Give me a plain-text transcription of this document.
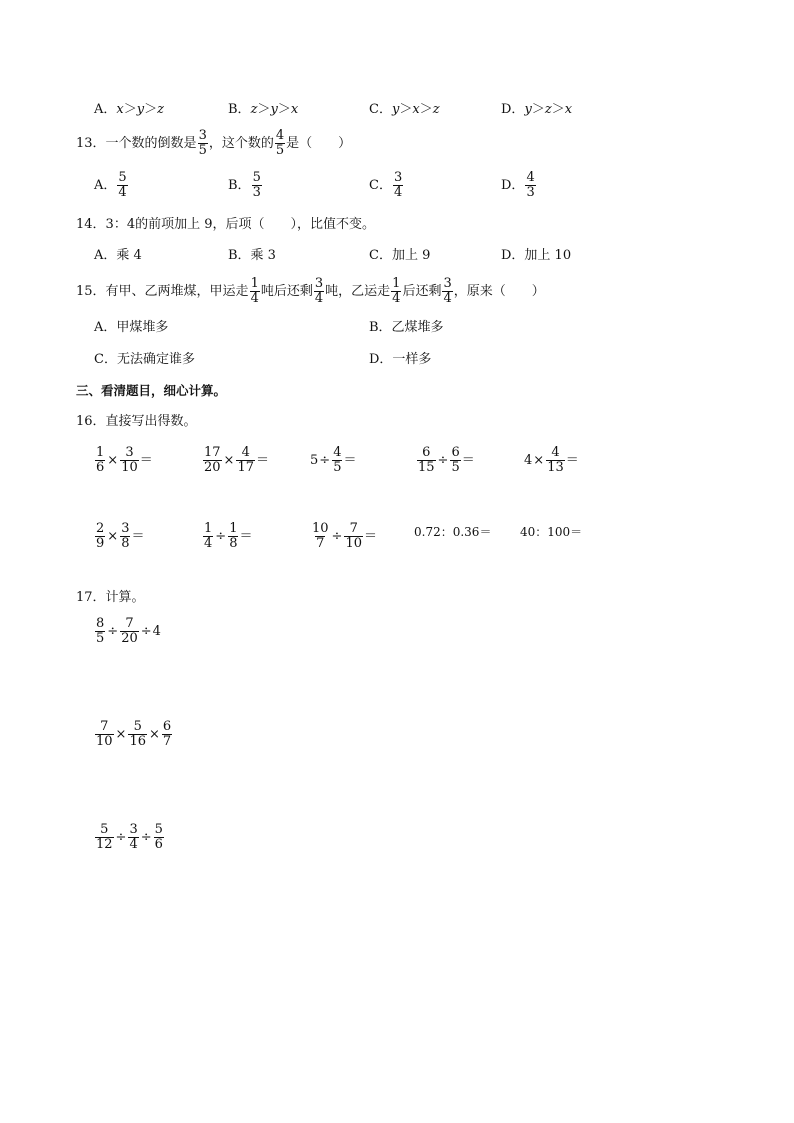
A． x ＞ y ＞ z	B． z ＞ y ＞ x	C． y ＞ x ＞ z	D． y ＞ z ＞ x
13． 一个数的倒数是 $\frac{3}{5}$ ，这个数的 $\frac{4}{5}$ 是（　　）
A． $\frac{5}{4}$	B． $\frac{5}{3}$	C． $\frac{3}{4}$	D． $\frac{4}{3}$
14．3：4的前项加上 9，后项（　　），比值不变。
A．乘 4	B．乘 3	C．加上 9	D．加上 10
15． 有甲、乙两堆煤，甲运走 $\frac{1}{4}$ 吨后还剩 $\frac{3}{4}$ 吨，乙运走 $\frac{1}{4}$ 后还剩 $\frac{3}{4}$ ，原来（　　）
A．甲煤堆多	B．乙煤堆多
C．无法确定谁多	D．一样多
三、看清题目，细心计算。
16．直接写出得数。
$\frac{1}{6} \times \frac{3}{10}$ ＝	$\frac{17}{20} \times \frac{4}{17}$ ＝	$5 \div \frac{4}{5}$ ＝	$\frac{6}{15} \div \frac{6}{5}$ ＝	$4 \times \frac{4}{13}$ ＝
$\frac{2}{9} \times \frac{3}{8}$ ＝	$\frac{1}{4} \div \frac{1}{8}$ ＝	$\frac{10}{7} \div \frac{7}{10}$ ＝	0.72：0.36＝ 40：100＝
17．计算。
$\frac{8}{5} \div \frac{7}{20} \div 4$
$\frac{7}{10} \times \frac{5}{16} \times \frac{6}{7}$
$\frac{5}{12} \div \frac{3}{4} \div \frac{5}{6}$
